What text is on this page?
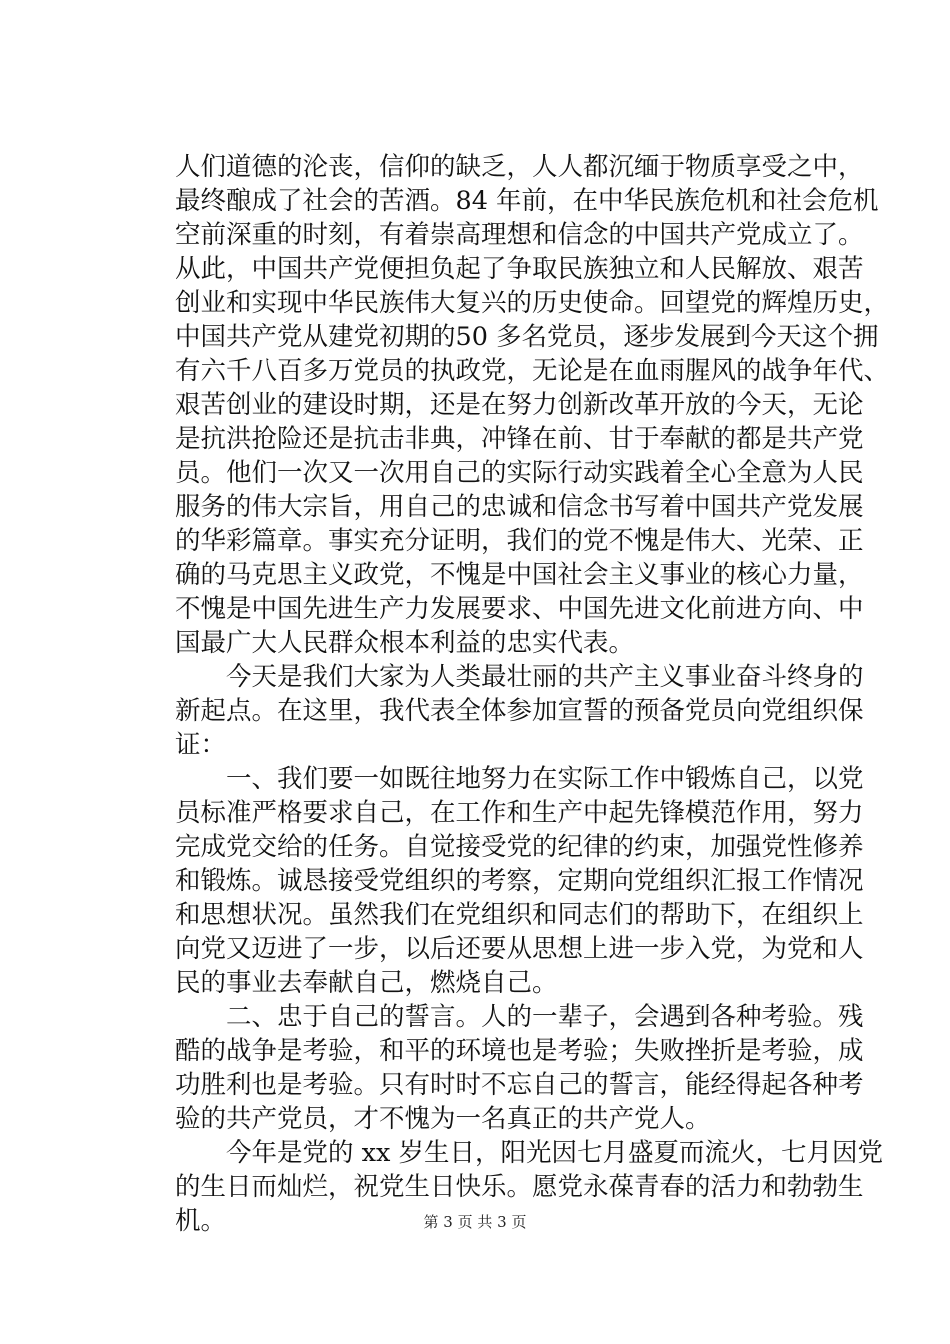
人们道德的沦丧，信仰的缺乏，人人都沉缅于物质享受之中，
最终酿成了社会的苦酒。84 年前，在中华民族危机和社会危机
空前深重的时刻，有着崇高理想和信念的中国共产党成立了。
从此，中国共产党便担负起了争取民族独立和人民解放、艰苦
创业和实现中华民族伟大复兴的历史使命。回望党的辉煌历史，
中国共产党从建党初期的50 多名党员，逐步发展到今天这个拥
有六千八百多万党员的执政党，无论是在血雨腥风的战争年代、
艰苦创业的建设时期，还是在努力创新改革开放的今天，无论
是抗洪抢险还是抗击非典，冲锋在前、甘于奉献的都是共产党
员。他们一次又一次用自己的实际行动实践着全心全意为人民
服务的伟大宗旨，用自己的忠诚和信念书写着中国共产党发展
的华彩篇章。事实充分证明，我们的党不愧是伟大、光荣、正
确的马克思主义政党，不愧是中国社会主义事业的核心力量，
不愧是中国先进生产力发展要求、中国先进文化前进方向、中
国最广大人民群众根本利益的忠实代表。
今天是我们大家为人类最壮丽的共产主义事业奋斗终身的
新起点。在这里，我代表全体参加宣誓的预备党员向党组织保
证：
一、我们要一如既往地努力在实际工作中锻炼自己，以党
员标准严格要求自己，在工作和生产中起先锋模范作用，努力
完成党交给的任务。自觉接受党的纪律的约束，加强党性修养
和锻炼。诚恳接受党组织的考察，定期向党组织汇报工作情况
和思想状况。虽然我们在党组织和同志们的帮助下，在组织上
向党又迈进了一步，以后还要从思想上进一步入党，为党和人
民的事业去奉献自己，燃烧自己。
二、忠于自己的誓言。人的一辈子，会遇到各种考验。残
酷的战争是考验，和平的环境也是考验；失败挫折是考验，成
功胜利也是考验。只有时时不忘自己的誓言，能经得起各种考
验的共产党员，才不愧为一名真正的共产党人。
今年是党的 xx 岁生日，阳光因七月盛夏而流火，七月因党
的生日而灿烂，祝党生日快乐。愿党永葆青春的活力和勃勃生
机。	第 3 页 共 3 页
